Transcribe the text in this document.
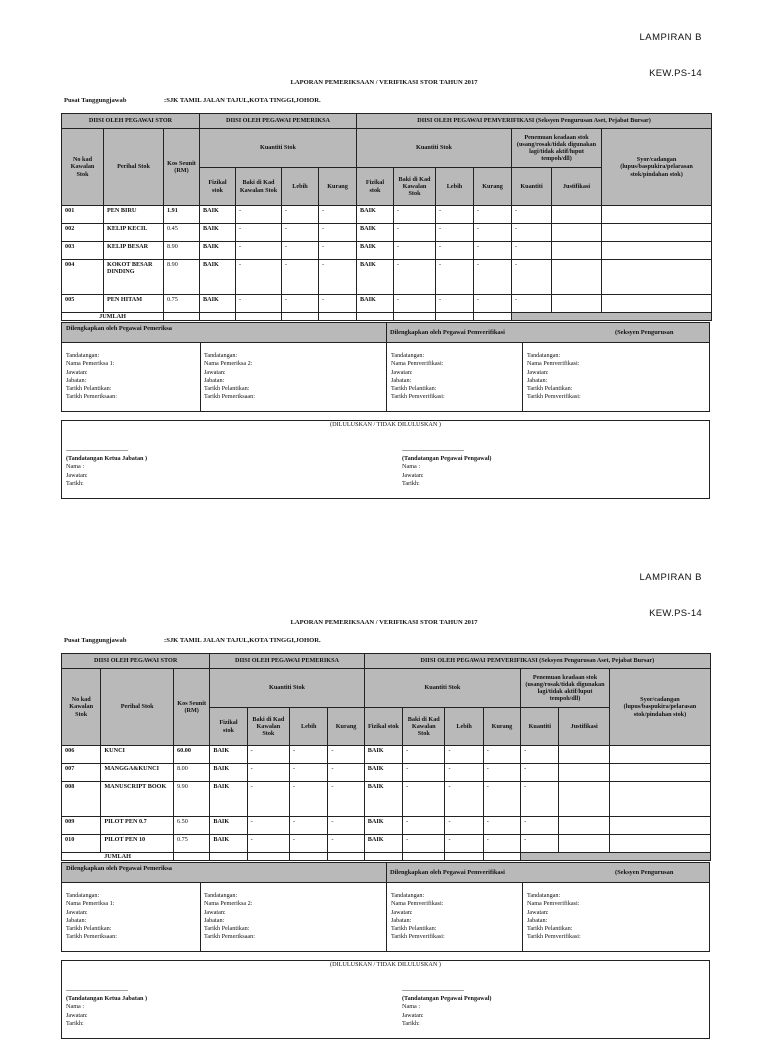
LAMPIRAN B
KEW.PS-14
LAPORAN PEMERIKSAAN / VERIFIKASI STOR TAHUN 2017
Pusat Tanggungjawab	:SJK TAMIL JALAN TAJUL,KOTA TINGGI,JOHOR.
DIISI OLEH PEGAWAI STOR			DIISI OLEH PEGAWAI PEMERIKSA				DIISI OLEH PEGAWAI PEMVERIFIKASI (Seksyen Pengurusan Aset, Pejabat Bursar)						
No kad Kawalan Stok	Perihal Stok	Kos Seunit (RM)	Kuantiti Stok				Kuantiti Stok				Penemuan keadaan stok (usang/rosak/tidak digunakan lagi/tidak aktif/luput tempoh/dll)		Syor/cadangan (lupus/baspukira/pelarasan stok/pindahan stok)
			Fizikal stok	Baki di Kad Kawalan Stok	Lebih	Kurang	Fizikal stok	Baki di Kad Kawalan Stok	Lebih	Kurang	Kuantiti	Justifikasi	
001	PEN BIRU	1.91	BAIK	-	-	-	BAIK	-	-	-	-		
002	KELIP KECIL	0.45	BAIK	-	-	-	BAIK	-	-	-	-		
003	KELIP BESAR	8.90	BAIK	-	-	-	BAIK	-	-	-	-		
004	KOKOT BESAR DINDING	8.90	BAIK	-	-	-	BAIK	-	-	-	-		
005	PEN HITAM	0.75	BAIK	-	-	-	BAIK	-	-	-	-		
JUMLAH													
Dilengkapkan oleh Pegawai Pemeriksa
Dilengkapkan oleh Pegawai Pemverifikasi	(Seksyen Pengurusan
Tandatangan:
Nama Pemeriksa 1:
Jawatan:
Jabatan:
Tarikh Pelantikan:
Tarikh Pemeriksaan:
Tandatangan:
Nama Pemeriksa 2:
Jawatan:
Jabatan:
Tarikh Pelantikan:
Tarikh Pemeriksaan:
Tandatangan:
Nama Pemverifikasi:
Jawatan:
Jabatan:
Tarikh Pelantikan:
Tarikh Pemverifikasi:
Tandatangan:
Nama Pemverifikasi:
Jawatan:
Jabatan:
Tarikh Pelantikan:
Tarikh Pemverifikasi:
(DILULUSKAN / TIDAK DILULUSKAN )
..............................................................
(Tandatangan Ketua Jabatan )
Nama :
Jawatan:
Tarikh:
..............................................................
(Tandatangan Pegawai Pengawal)
Nama :
Jawatan:
Tarikh:
LAMPIRAN B
KEW.PS-14
LAPORAN PEMERIKSAAN / VERIFIKASI STOR TAHUN 2017
Pusat Tanggungjawab	:SJK TAMIL JALAN TAJUL,KOTA TINGGI,JOHOR.
DIISI OLEH PEGAWAI STOR			DIISI OLEH PEGAWAI PEMERIKSA				DIISI OLEH PEGAWAI PEMVERIFIKASI (Seksyen Pengurusan Aset, Pejabat Bursar)						
No kad Kawalan Stok	Perihal Stok	Kos Seunit (RM)	Kuantiti Stok				Kuantiti Stok				Penemuan keadaan stok (usang/rosak/tidak digunakan lagi/tidak aktif/luput tempoh/dll)		Syor/cadangan (lupus/baspukira/pelarasan stok/pindahan stok)
			Fizikal stok	Baki di Kad Kawalan Stok	Lebih	Kurang	Fizikal stok	Baki di Kad Kawalan Stok	Lebih	Kurang	Kuantiti	Justifikasi	
006	KUNCI	60.00	BAIK	-	-	-	BAIK	-	-	-	-		
007	MANGGA&KUNCI	8.00	BAIK	-	-	-	BAIK	-	-	-	-		
008	MANUSCRIPT BOOK	9.90	BAIK	-	-	-	BAIK	-	-	-	-		
009	PILOT PEN 0.7	6.50	BAIK	-	-	-	BAIK	-	-	-	-		
010	PILOT PEN 10	0.75	BAIK	-	-	-	BAIK	-	-	-	-		
JUMLAH													
Dilengkapkan oleh Pegawai Pemeriksa
Dilengkapkan oleh Pegawai Pemverifikasi	(Seksyen Pengurusan
Tandatangan:
Nama Pemeriksa 1:
Jawatan:
Jabatan:
Tarikh Pelantikan:
Tarikh Pemeriksaan:
Tandatangan:
Nama Pemeriksa 2:
Jawatan:
Jabatan:
Tarikh Pelantikan:
Tarikh Pemeriksaan:
Tandatangan:
Nama Pemverifikasi:
Jawatan:
Jabatan:
Tarikh Pelantikan:
Tarikh Pemverifikasi:
Tandatangan:
Nama Pemverifikasi:
Jawatan:
Jabatan:
Tarikh Pelantikan:
Tarikh Pemverifikasi:
(DILULUSKAN / TIDAK DILULUSKAN )
..............................................................
(Tandatangan Ketua Jabatan )
Nama :
Jawatan:
Tarikh:
..............................................................
(Tandatangan Pegawai Pengawal)
Nama :
Jawatan:
Tarikh:
